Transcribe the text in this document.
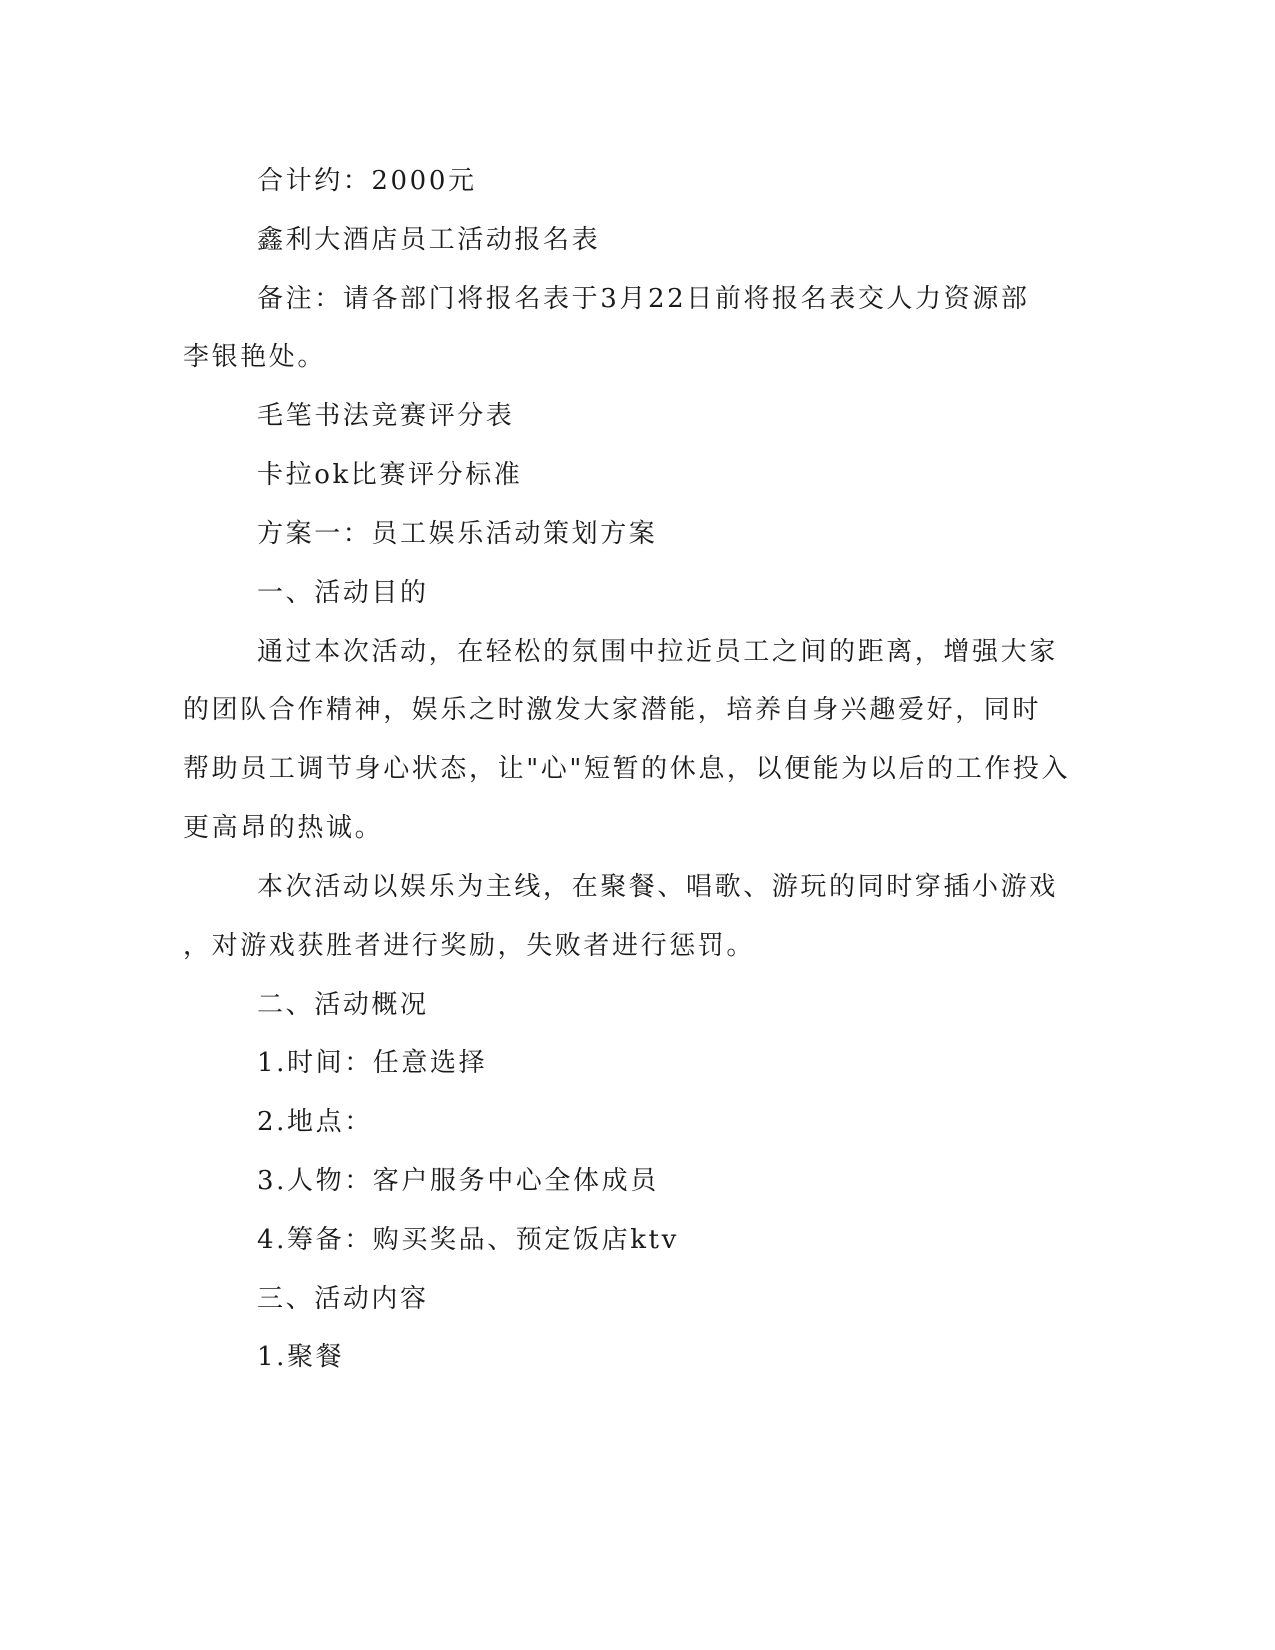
合计约：2000元
鑫利大酒店员工活动报名表
备注：请各部门将报名表于3月22日前将报名表交人力资源部
李银艳处。
毛笔书法竞赛评分表
卡拉ok比赛评分标准
方案一：员工娱乐活动策划方案
一、活动目的
通过本次活动，在轻松的氛围中拉近员工之间的距离，增强大家
的团队合作精神，娱乐之时激发大家潜能，培养自身兴趣爱好，同时
帮助员工调节身心状态，让"心"短暂的休息，以便能为以后的工作投入
更高昂的热诚。
本次活动以娱乐为主线，在聚餐、唱歌、游玩的同时穿插小游戏
，对游戏获胜者进行奖励，失败者进行惩罚。
二、活动概况
1.时间：任意选择
2.地点：
3.人物：客户服务中心全体成员
4.筹备：购买奖品、预定饭店ktv
三、活动内容
1.聚餐
